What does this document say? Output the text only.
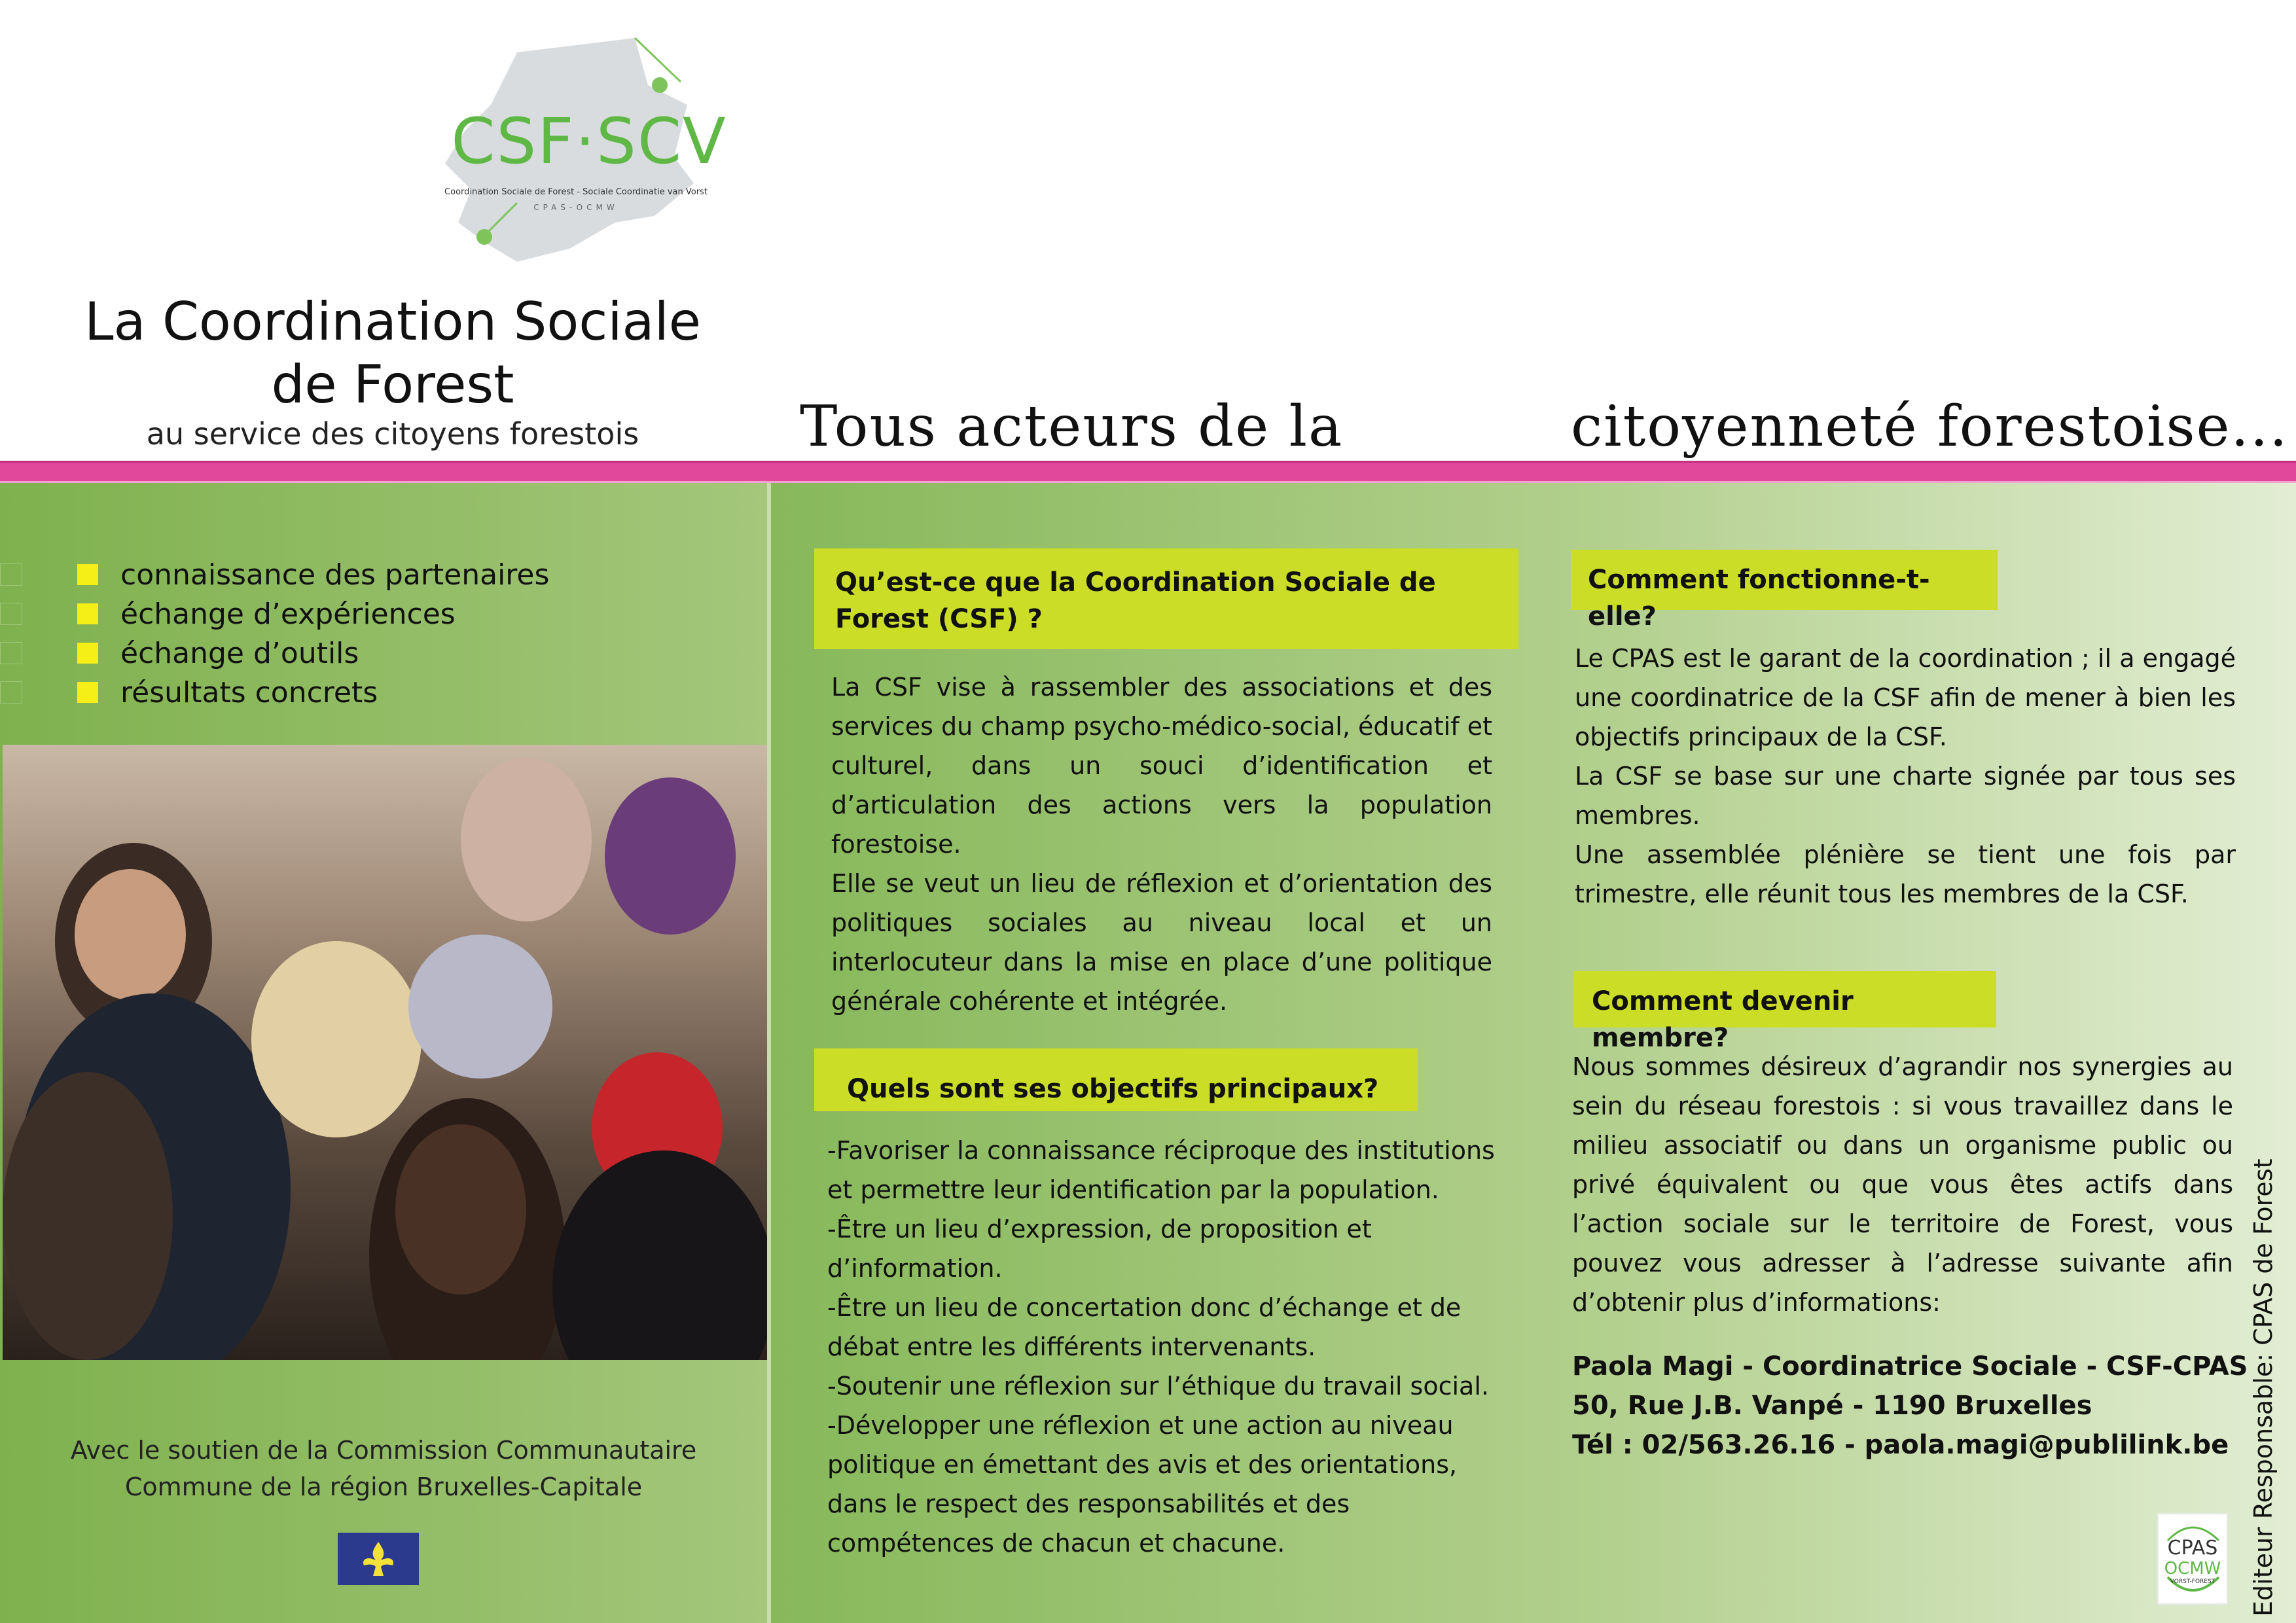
CSF·SCV
Coordination Sociale de Forest - Sociale Coordinatie van Vorst
CPAS-OCMW
La Coordination Sociale
de Forest
au service des citoyens forestois	Tous acteurs de la	citoyenneté forestoise...
connaissance des partenaires
échange d’expériences
échange d’outils
résultats concrets
Avec le soutien de la Commission Communautaire
Commune de la région Bruxelles-Capitale
Qu’est-ce que la Coordination Sociale de Forest (CSF) ?
La CSF vise à rassembler des associations et des services du champ psycho-médico-social, éducatif et culturel, dans un souci d’identification et d’articulation des actions vers la population forestoise.
Elle se veut un lieu de réflexion et d’orientation des politiques sociales au niveau local et un interlocuteur dans la mise en place d’une politique générale cohérente et intégrée.
Quels sont ses objectifs principaux?
-Favoriser la connaissance réciproque des institutions et permettre leur identification par la population.
-Être un lieu d’expression, de proposition et d’information.
-Être un lieu de concertation donc d’échange et de débat entre les différents intervenants.
-Soutenir une réflexion sur l’éthique du travail social.
-Développer une réflexion et une action au niveau politique en émettant des avis et des orientations, dans le respect des responsabilités et des compétences de chacun et chacune.
Comment fonctionne-t-elle?
Le CPAS est le garant de la coordination ; il a engagé une coordinatrice de la CSF afin de mener à bien les objectifs principaux de la CSF.
La CSF se base sur une charte signée par tous ses membres.
Une assemblée plénière se tient une fois par trimestre, elle réunit tous les membres de la CSF.
Comment devenir membre?
Nous sommes désireux d’agrandir nos synergies au sein du réseau forestois : si vous travaillez dans le milieu associatif ou dans un organisme public ou privé équivalent ou que vous êtes actifs dans l’action sociale sur le territoire de Forest, vous pouvez vous adresser à l’adresse suivante afin d’obtenir plus d’informations:
Paola Magi - Coordinatrice Sociale - CSF-CPAS
50, Rue J.B. Vanpé - 1190 Bruxelles
Tél : 02/563.26.16 - paola.magi@publilink.be Editeur Responsable: CPAS de Forest
CPAS
OCMW
VORST-FOREST
